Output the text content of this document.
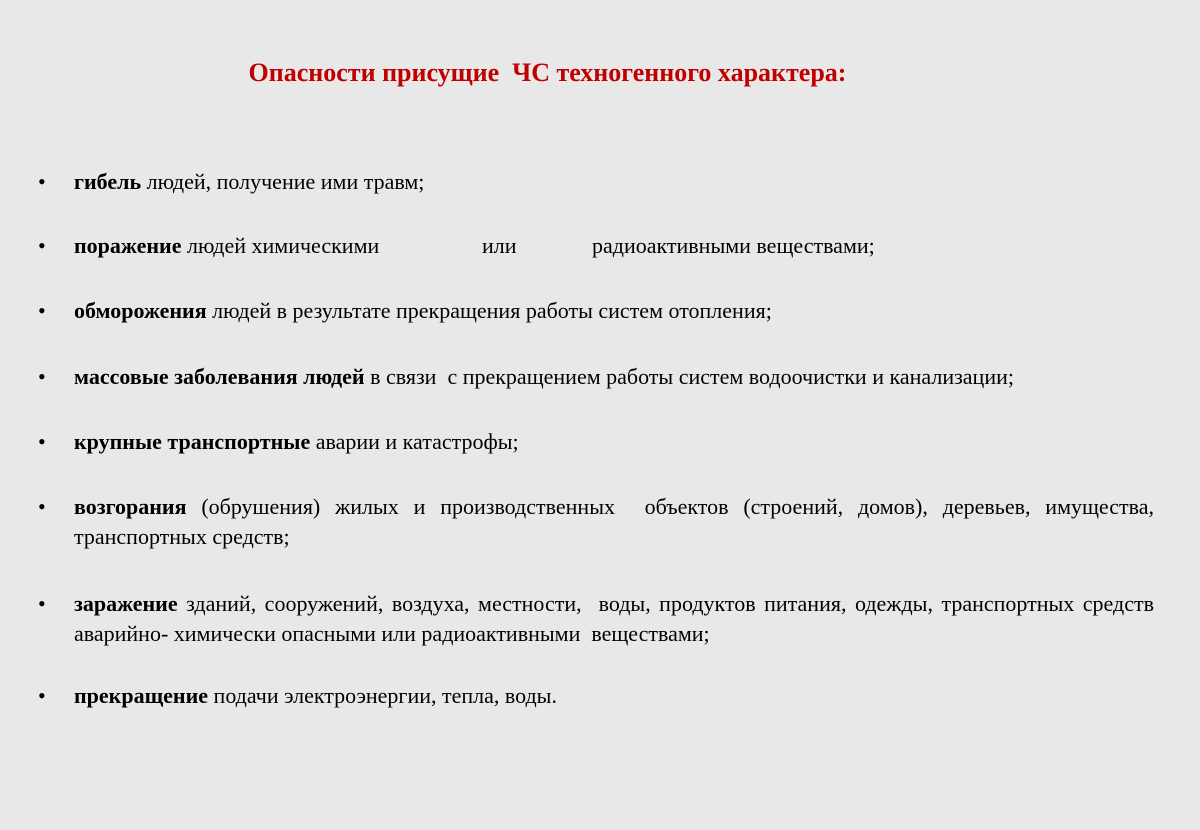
Опасности присущие  ЧС техногенного характера:
•	гибель людей, получение ими травм;
•	поражение людей химическими	или	радиоактивными веществами;
•	обморожения людей в результате прекращения работы систем отопления;
•	массовые заболевания людей в связи  с прекращением работы систем водоочистки и канализации;
•	крупные транспортные аварии и катастрофы;
•	возгорания (обрушения) жилых и производственных  объектов (строений, домов), деревьев, имущества,  транспортных средств;
•	заражение зданий, сооружений, воздуха, местности,  воды, продуктов питания, одежды, транспортных средств  аварийно- химически опасными или радиоактивными  веществами;
•	прекращение подачи электроэнергии, тепла, воды.
